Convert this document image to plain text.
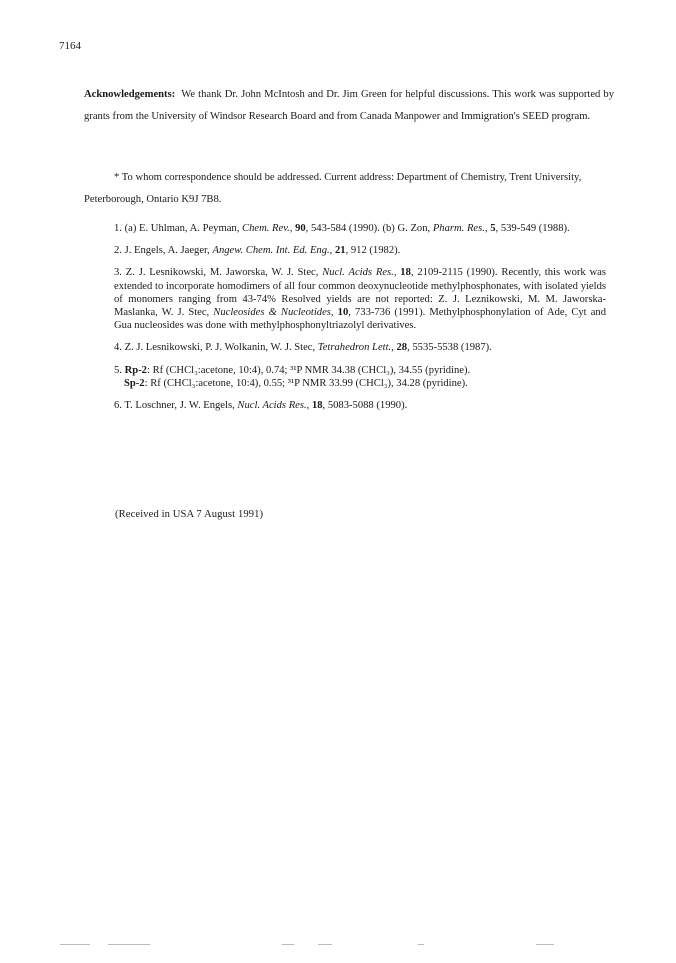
7164
Acknowledgements: We thank Dr. John McIntosh and Dr. Jim Green for helpful discussions. This work was supported by grants from the University of Windsor Research Board and from Canada Manpower and Immigration's SEED program.
* To whom correspondence should be addressed. Current address: Department of Chemistry, Trent University, Peterborough, Ontario K9J 7B8.
1. (a) E. Uhlman, A. Peyman, Chem. Rev., 90, 543-584 (1990). (b) G. Zon, Pharm. Res., 5, 539-549 (1988).
2. J. Engels, A. Jaeger, Angew. Chem. Int. Ed. Eng., 21, 912 (1982).
3. Z. J. Lesnikowski, M. Jaworska, W. J. Stec, Nucl. Acids Res., 18, 2109-2115 (1990). Recently, this work was extended to incorporate homodimers of all four common deoxynucleotide methylphosphonates, with isolated yields of monomers ranging from 43-74% Resolved yields are not reported: Z. J. Leznikowski, M. M. Jaworska-Maslanka, W. J. Stec, Nucleosides & Nucleotides, 10, 733-736 (1991). Methylphosphonylation of Ade, Cyt and Gua nucleosides was done with methylphosphonyltriazolyl derivatives.
4. Z. J. Lesnikowski, P. J. Wolkanin, W. J. Stec, Tetrahedron Lett., 28, 5535-5538 (1987).
5. Rp-2: Rf (CHCl₃:acetone, 10:4), 0.74; ³¹P NMR 34.38 (CHCl₃), 34.55 (pyridine).
Sp-2: Rf (CHCl₃:acetone, 10:4), 0.55; ³¹P NMR 33.99 (CHCl₃), 34.28 (pyridine).
6. T. Loschner, J. W. Engels, Nucl. Acids Res., 18, 5083-5088 (1990).
(Received in USA 7 August 1991)
